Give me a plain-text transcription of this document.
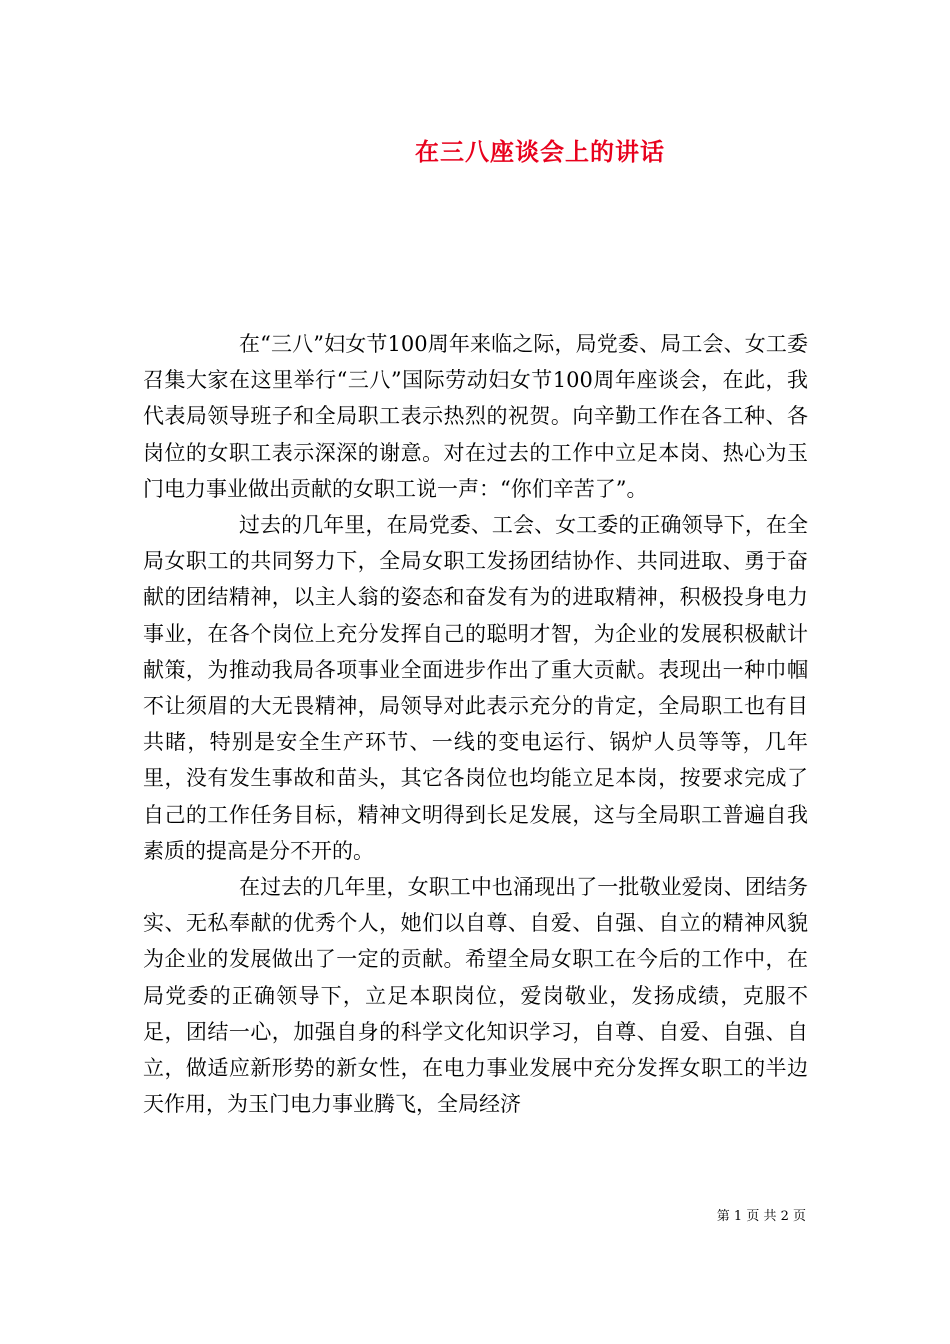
在三八座谈会上的讲话

在“三八”妇女节100周年来临之际，局党委、局工会、女工委召集大家在这里举行“三八”国际劳动妇女节100周年座谈会，在此，我代表局领导班子和全局职工表示热烈的祝贺。向辛勤工作在各工种、各岗位的女职工表示深深的谢意。对在过去的工作中立足本岗、热心为玉门电力事业做出贡献的女职工说一声：“你们辛苦了”。

过去的几年里，在局党委、工会、女工委的正确领导下，在全局女职工的共同努力下，全局女职工发扬团结协作、共同进取、勇于奋献的团结精神，以主人翁的姿态和奋发有为的进取精神，积极投身电力事业，在各个岗位上充分发挥自己的聪明才智，为企业的发展积极献计献策，为推动我局各项事业全面进步作出了重大贡献。表现出一种巾帼不让须眉的大无畏精神，局领导对此表示充分的肯定，全局职工也有目共睹，特别是安全生产环节、一线的变电运行、锅炉人员等等，几年里，没有发生事故和苗头，其它各岗位也均能立足本岗，按要求完成了自己的工作任务目标，精神文明得到长足发展，这与全局职工普遍自我素质的提高是分不开的。

在过去的几年里，女职工中也涌现出了一批敬业爱岗、团结务实、无私奉献的优秀个人，她们以自尊、自爱、自强、自立的精神风貌为企业的发展做出了一定的贡献。希望全局女职工在今后的工作中，在局党委的正确领导下，立足本职岗位，爱岗敬业，发扬成绩，克服不足，团结一心，加强自身的科学文化知识学习，自尊、自爱、自强、自立，做适应新形势的新女性，在电力事业发展中充分发挥女职工的半边天作用，为玉门电力事业腾飞，全局经济

第 1 页 共 2 页
